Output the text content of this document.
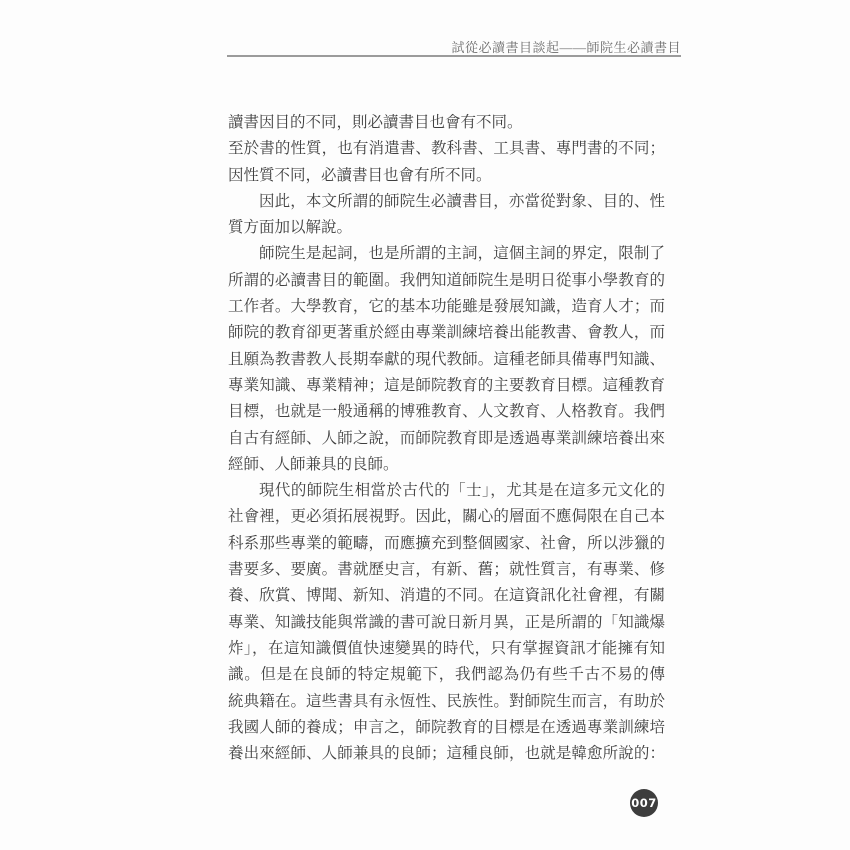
試從必讀書目談起——師院生必讀書目
讀書因目的不同，則必讀書目也會有不同。
至於書的性質，也有消遣書、教科書、工具書、專門書的不同；
因性質不同，必讀書目也會有所不同。
因此，本文所謂的師院生必讀書目，亦當從對象、目的、性
質方面加以解說。
師院生是起詞，也是所謂的主詞，這個主詞的界定，限制了
所謂的必讀書目的範圍。我們知道師院生是明日從事小學教育的
工作者。大學教育，它的基本功能雖是發展知識，造育人才；而
師院的教育卻更著重於經由專業訓練培養出能教書、會教人，而
且願為教書教人長期奉獻的現代教師。這種老師具備專門知識、
專業知識、專業精神；這是師院教育的主要教育目標。這種教育
目標，也就是一般通稱的博雅教育、人文教育、人格教育。我們
自古有經師、人師之說，而師院教育即是透過專業訓練培養出來
經師、人師兼具的良師。
現代的師院生相當於古代的「士」，尤其是在這多元文化的
社會裡，更必須拓展視野。因此，關心的層面不應侷限在自己本
科系那些專業的範疇，而應擴充到整個國家、社會，所以涉獵的
書要多、要廣。書就歷史言，有新、舊；就性質言，有專業、修
養、欣賞、博聞、新知、消遣的不同。在這資訊化社會裡，有關
專業、知識技能與常識的書可說日新月異，正是所謂的「知識爆
炸」，在這知識價值快速變異的時代，只有掌握資訊才能擁有知
識。但是在良師的特定規範下，我們認為仍有些千古不易的傳
統典籍在。這些書具有永恆性、民族性。對師院生而言，有助於
我國人師的養成；申言之，師院教育的目標是在透過專業訓練培
養出來經師、人師兼具的良師；這種良師，也就是韓愈所說的：
007
